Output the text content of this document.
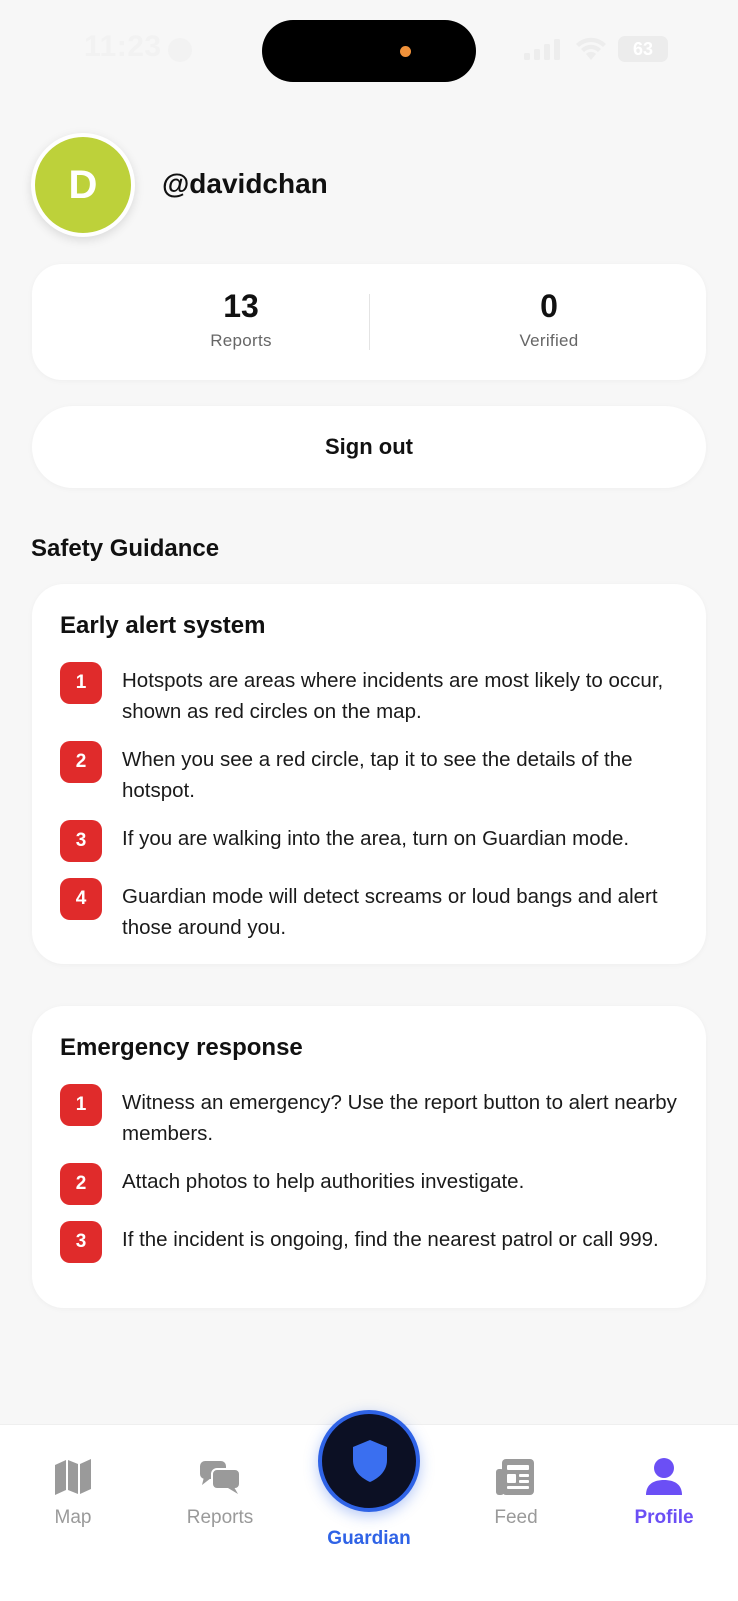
11:23	63
D	@davidchan
13
Reports
0
Verified
Sign out
Safety Guidance
Early alert system
1	Hotspots are areas where incidents are most likely to occur, shown as red circles on the map.
2	When you see a red circle, tap it to see the details of the hotspot.
3	If you are walking into the area, turn on Guardian mode.
4	Guardian mode will detect screams or loud bangs and alert those around you.
Emergency response
1	Witness an emergency? Use the report button to alert nearby members.
2	Attach photos to help authorities investigate.
3	If the incident is ongoing, find the nearest patrol or call 999.
Map	Reports
Guardian
Feed	Profile
